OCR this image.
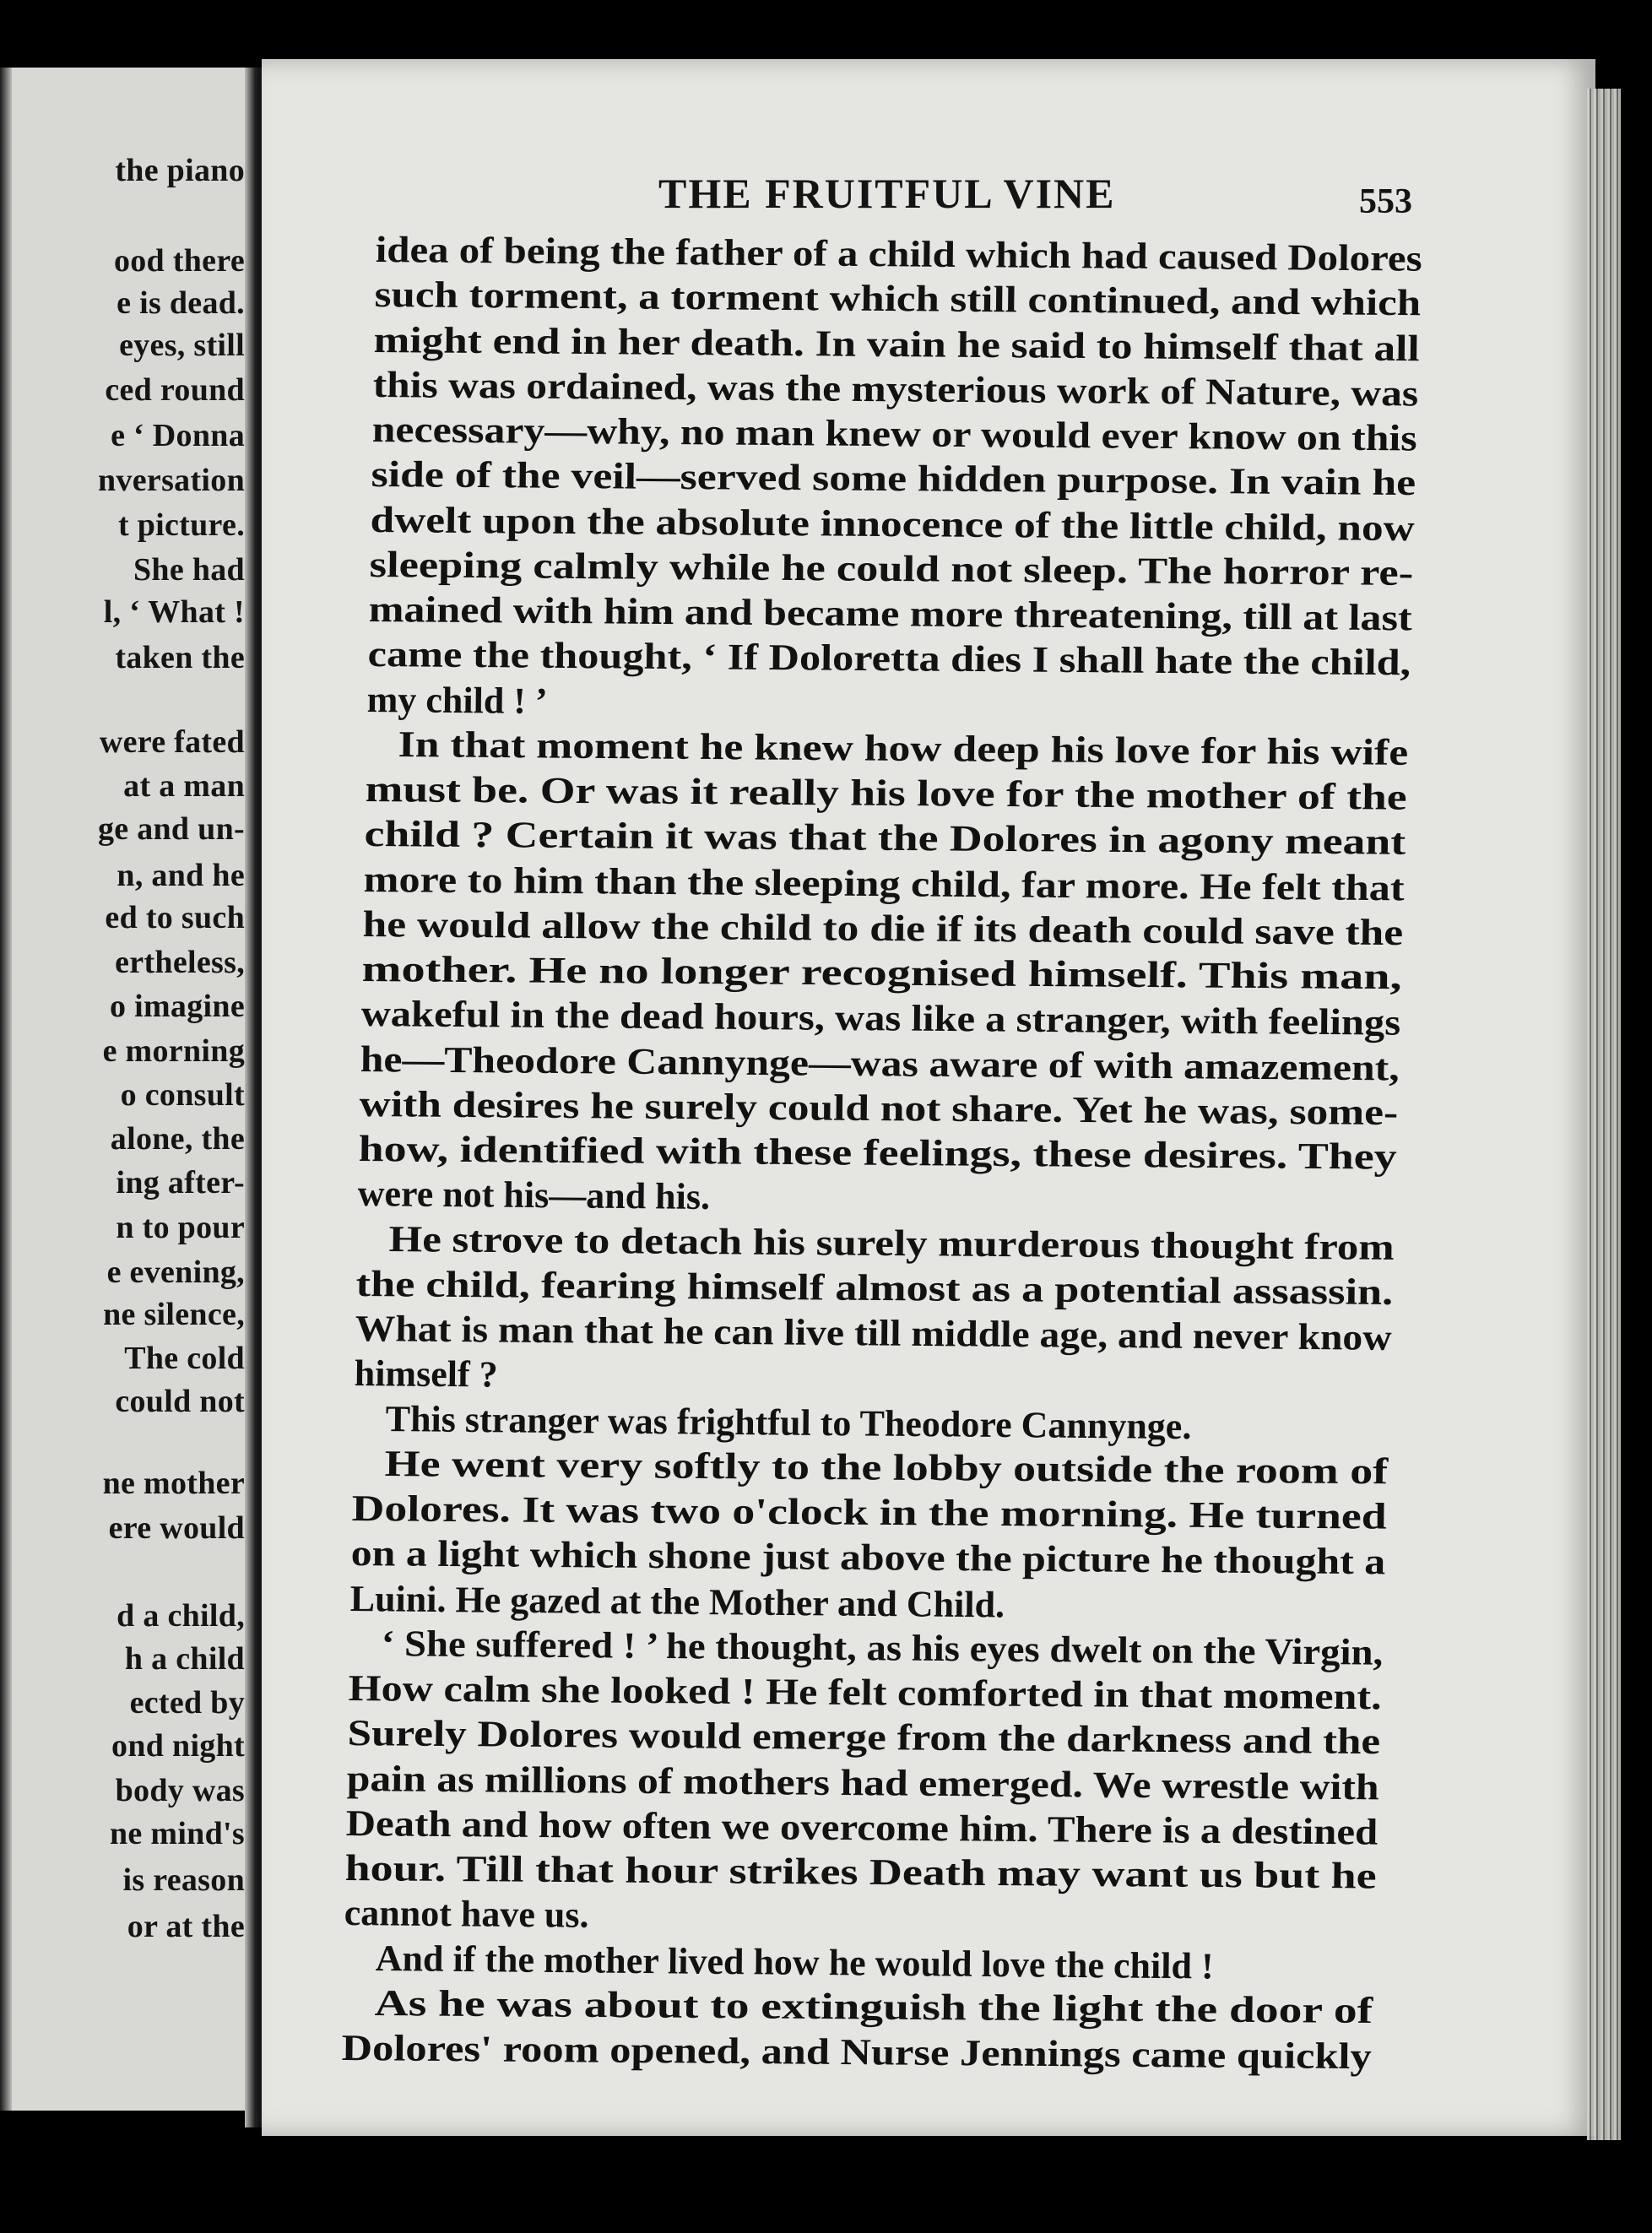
the piano
ood there
e is dead.
eyes, still
ced round
e ‘ Donna
nversation
t picture.
She had
l, ‘ What !
taken the
were fated
at a man
ge and un-
n, and he
ed to such
ertheless,
o imagine
e morning
o consult
alone, the
ing after-
n to pour
e evening,
ne silence,
The cold
could not
ne mother
ere would
d a child,
h a child
ected by
ond night
body was
ne mind's
is reason
or at the
THE FRUITFUL VINE	553
idea of being the father of a child which had caused Dolores
such torment, a torment which still continued, and which
might end in her death. In vain he said to himself that all
this was ordained, was the mysterious work of Nature, was
necessary—why, no man knew or would ever know on this
side of the veil—served some hidden purpose. In vain he
dwelt upon the absolute innocence of the little child, now
sleeping calmly while he could not sleep. The horror re-
mained with him and became more threatening, till at last
came the thought, ‘ If Doloretta dies I shall hate the child,
my child ! ’
In that moment he knew how deep his love for his wife
must be. Or was it really his love for the mother of the
child ? Certain it was that the Dolores in agony meant
more to him than the sleeping child, far more. He felt that
he would allow the child to die if its death could save the
mother. He no longer recognised himself. This man,
wakeful in the dead hours, was like a stranger, with feelings
he—Theodore Cannynge—was aware of with amazement,
with desires he surely could not share. Yet he was, some-
how, identified with these feelings, these desires. They
were not his—and his.
He strove to detach his surely murderous thought from
the child, fearing himself almost as a potential assassin.
What is man that he can live till middle age, and never know
himself ?
This stranger was frightful to Theodore Cannynge.
He went very softly to the lobby outside the room of
Dolores. It was two o'clock in the morning. He turned
on a light which shone just above the picture he thought a
Luini. He gazed at the Mother and Child.
‘ She suffered ! ’ he thought, as his eyes dwelt on the Virgin,
How calm she looked ! He felt comforted in that moment.
Surely Dolores would emerge from the darkness and the
pain as millions of mothers had emerged. We wrestle with
Death and how often we overcome him. There is a destined
hour. Till that hour strikes Death may want us but he
cannot have us.
And if the mother lived how he would love the child !
As he was about to extinguish the light the door of
Dolores' room opened, and Nurse Jennings came quickly
